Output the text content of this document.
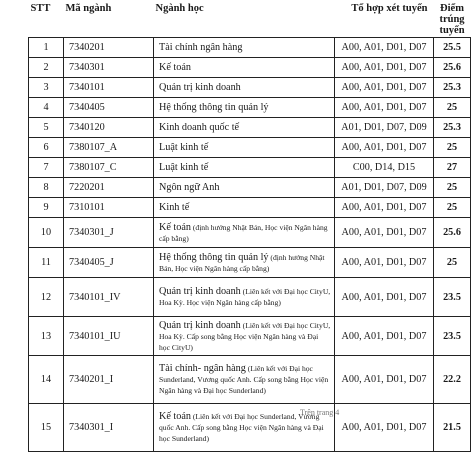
STT	Mã ngành	Ngành học	Tổ hợp xét tuyển	Điểm trúng tuyển
1	7340201	Tài chính ngân hàng	A00, A01, D01, D07	25.5
2	7340301	Kế toán	A00, A01, D01, D07	25.6
3	7340101	Quản trị kinh doanh	A00, A01, D01, D07	25.3
4	7340405	Hệ thống thông tin quản lý	A00, A01, D01, D07	25
5	7340120	Kinh doanh quốc tế	A01, D01, D07, D09	25.3
6	7380107_A	Luật kinh tế	A00, A01, D01, D07	25
7	7380107_C	Luật kinh tế	C00, D14, D15	27
8	7220201	Ngôn ngữ Anh	A01, D01, D07, D09	25
9	7310101	Kinh tế	A00, A01, D01, D07	25
10	7340301_J	Kế toán (định hướng Nhật Bản, Học viện Ngân hàng cấp bằng)	A00, A01, D01, D07	25.6
11	7340405_J	Hệ thống thông tin quản lý (định hướng Nhật Bản, Học viện Ngân hàng cấp bằng)	A00, A01, D01, D07	25
12	7340101_IV	Quản trị kinh doanh (Liên kết với Đại học CityU, Hoa Kỳ. Học viện Ngân hàng cấp bằng)	A00, A01, D01, D07	23.5
13	7340101_IU	Quản trị kinh doanh (Liên kết với Đại học CityU, Hoa Kỳ. Cấp song bằng Học viện Ngân hàng và Đại học CityU)	A00, A01, D01, D07	23.5
14	7340201_I	Tài chính- ngân hàng (Liên kết với Đại học Sunderland, Vương quốc Anh. Cấp song bằng Học viện Ngân hàng và Đại học Sunderland)	A00, A01, D01, D07	22.2
15	7340301_I	Kế toán (Liên kết với Đại học Sunderland, Vương quốc Anh. Cấp song bằng Học viện Ngân hàng và Đại học Sunderland)	A00, A01, D01, D07	21.5
Trên trang 4
